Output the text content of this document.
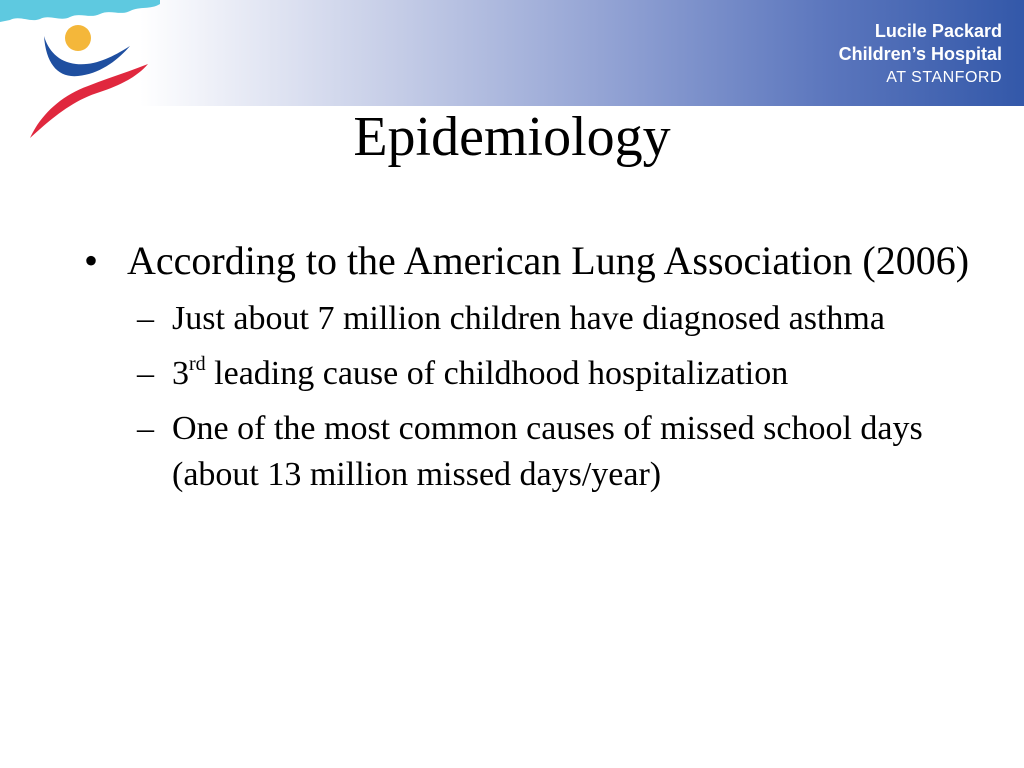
Lucile Packard
Children’s Hospital
AT STANFORD
Epidemiology
• According to the American Lung Association (2006)
– Just about 7 million children have diagnosed asthma
– 3rd leading cause of childhood hospitalization
– One of the most common causes of missed school days (about 13 million missed days/year)
